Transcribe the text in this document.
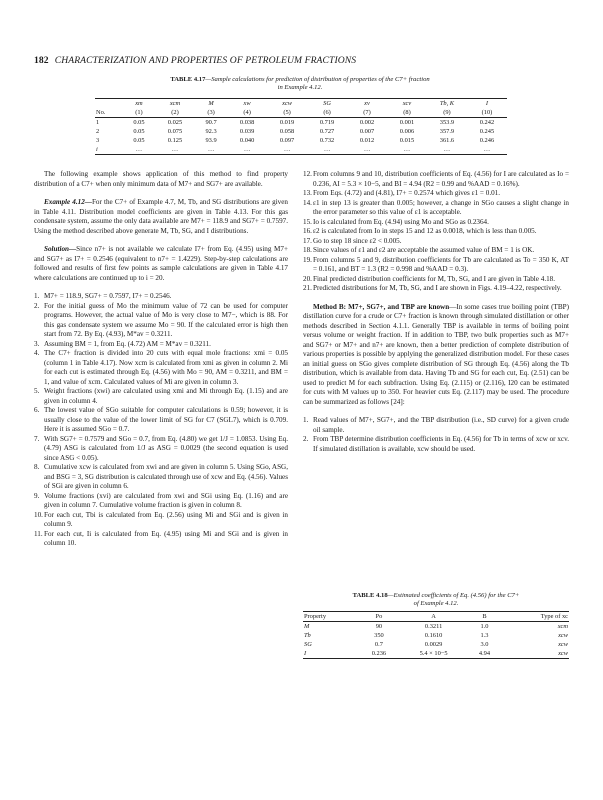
182 CHARACTERIZATION AND PROPERTIES OF PETROLEUM FRACTIONS
TABLE 4.17—Sample calculations for prediction of distribution of properties of the C7+ fraction
in Example 4.12.
	xm	xcm	M	xw	xcw	SG	xv	xcv	Tb, K	I
No.	(1)	(2)	(3)	(4)	(5)	(6)	(7)	(8)	(9)	(10)
1	0.05	0.025	90.7	0.038	0.019	0.719	0.002	0.001	353.9	0.242
2	0.05	0.075	92.3	0.039	0.058	0.727	0.007	0.006	357.9	0.245
3	0.05	0.125	93.9	0.040	0.097	0.732	0.012	0.015	361.6	0.246
i	…	…	…	…	…	…	…	…	…	…

The following example shows application of this method to find property distribution of a C7+ when only minimum data of M7+ and SG7+ are available.

Example 4.12—For the C7+ of Example 4.7, M, Tb, and SG distributions are given in Table 4.11. Distribution model coefficients are given in Table 4.13. For this gas condensate system, assume the only data available are M7+ = 118.9 and SG7+ = 0.7597. Using the method described above generate M, Tb, SG, and I distributions.

Solution—Since n7+ is not available we calculate I7+ from Eq. (4.95) using M7+ and SG7+ as I7+ = 0.2546 (equivalent to n7+ = 1.4229). Step-by-step calculations are followed and results of first few points as sample calculations are given in Table 4.17 where calculations are continued up to i = 20.

1. M7+ = 118.9, SG7+ = 0.7597, I7+ = 0.2546.
2. For the initial guess of Mo the minimum value of 72 can be used for computer programs. However, the actual value of Mo is very close to M7−, which is 88. For this gas condensate system we assume Mo = 90. If the calculated error is high then start from 72. By Eq. (4.93), M*av = 0.3211.
3. Assuming BM = 1, from Eq. (4.72) AM = M*av = 0.3211.
4. The C7+ fraction is divided into 20 cuts with equal mole fractions: xmi = 0.05 (column 1 in Table 4.17). Now xcm is calculated from xmi as given in column 2. Mi for each cut is estimated through Eq. (4.56) with Mo = 90, AM = 0.3211, and BM = 1, and value of xcm. Calculated values of Mi are given in column 3.
5. Weight fractions (xwi) are calculated using xmi and Mi through Eq. (1.15) and are given in column 4.
6. The lowest value of SGo suitable for computer calculations is 0.59; however, it is usually close to the value of the lower limit of SG for C7 (SGL7), which is 0.709. Here it is assumed SGo = 0.7.
7. With SG7+ = 0.7579 and SGo = 0.7, from Eq. (4.80) we get 1/J = 1.0853. Using Eq. (4.79) ASG is calculated from 1/J as ASG = 0.0029 (the second equation is used since ASG < 0.05).
8. Cumulative xcw is calculated from xwi and are given in column 5. Using SGo, ASG, and BSG = 3, SG distribution is calculated through use of xcw and Eq. (4.56). Values of SGi are given in column 6.
9. Volume fractions (xvi) are calculated from xwi and SGi using Eq. (1.16) and are given in column 7. Cumulative volume fraction is given in column 8.
10. For each cut, Tbi is calculated from Eq. (2.56) using Mi and SGi and is given in column 9.
11. For each cut, Ii is calculated from Eq. (4.95) using Mi and SGi and is given in column 10.
12. From columns 9 and 10, distribution coefficients of Eq. (4.56) for I are calculated as Io = 0.236, AI = 5.3 × 10−5, and BI = 4.94 (R2 = 0.99 and %AAD = 0.16%).
13. From Eqs. (4.72) and (4.81), I7+ = 0.2574 which gives ε1 = 0.01.
14. ε1 in step 13 is greater than 0.005; however, a change in SGo causes a slight change in the error parameter so this value of ε1 is acceptable.
15. Io is calculated from Eq. (4.94) using Mo and SGo as 0.2364.
16. ε2 is calculated from Io in steps 15 and 12 as 0.0018, which is less than 0.005.
17. Go to step 18 since ε2 < 0.005.
18. Since values of ε1 and ε2 are acceptable the assumed value of BM = 1 is OK.
19. From columns 5 and 9, distribution coefficients for Tb are calculated as To = 350 K, AT = 0.161, and BT = 1.3 (R2 = 0.998 and %AAD = 0.3).
20. Final predicted distribution coefficients for M, Tb, SG, and I are given in Table 4.18.
21. Predicted distributions for M, Tb, SG, and I are shown in Figs. 4.19–4.22, respectively.

Method B: M7+, SG7+, and TBP are known—In some cases true boiling point (TBP) distillation curve for a crude or C7+ fraction is known through simulated distillation or other methods described in Section 4.1.1. Generally TBP is available in terms of boiling point versus volume or weight fraction. If in addition to TBP, two bulk properties such as M7+ and SG7+ or M7+ and n7+ are known, then a better prediction of complete distribution of various properties is possible by applying the generalized distribution model. For these cases an initial guess on SGo gives complete distribution of SG through Eq. (4.56) along the Tb distribution, which is available from data. Having Tb and SG for each cut, Eq. (2.51) can be used to predict M for each subfraction. Using Eq. (2.115) or (2.116), I20 can be estimated for cuts with M values up to 350. For heavier cuts Eq. (2.117) may be used. The procedure can be summarized as follows [24]:

1. Read values of M7+, SG7+, and the TBP distribution (i.e., SD curve) for a given crude oil sample.
2. From TBP determine distribution coefficients in Eq. (4.56) for Tb in terms of xcw or xcv. If simulated distillation is available, xcw should be used.
TABLE 4.18—Estimated coefficients of Eq. (4.56) for the C7+
of Example 4.12.
Property	Po	A	B	Type of xc
M	90	0.3211	1.0	xcm
Tb	350	0.1610	1.3	xcw
SG	0.7	0.0029	3.0	xcw
I	0.236	5.4 × 10−5	4.94	xcw
